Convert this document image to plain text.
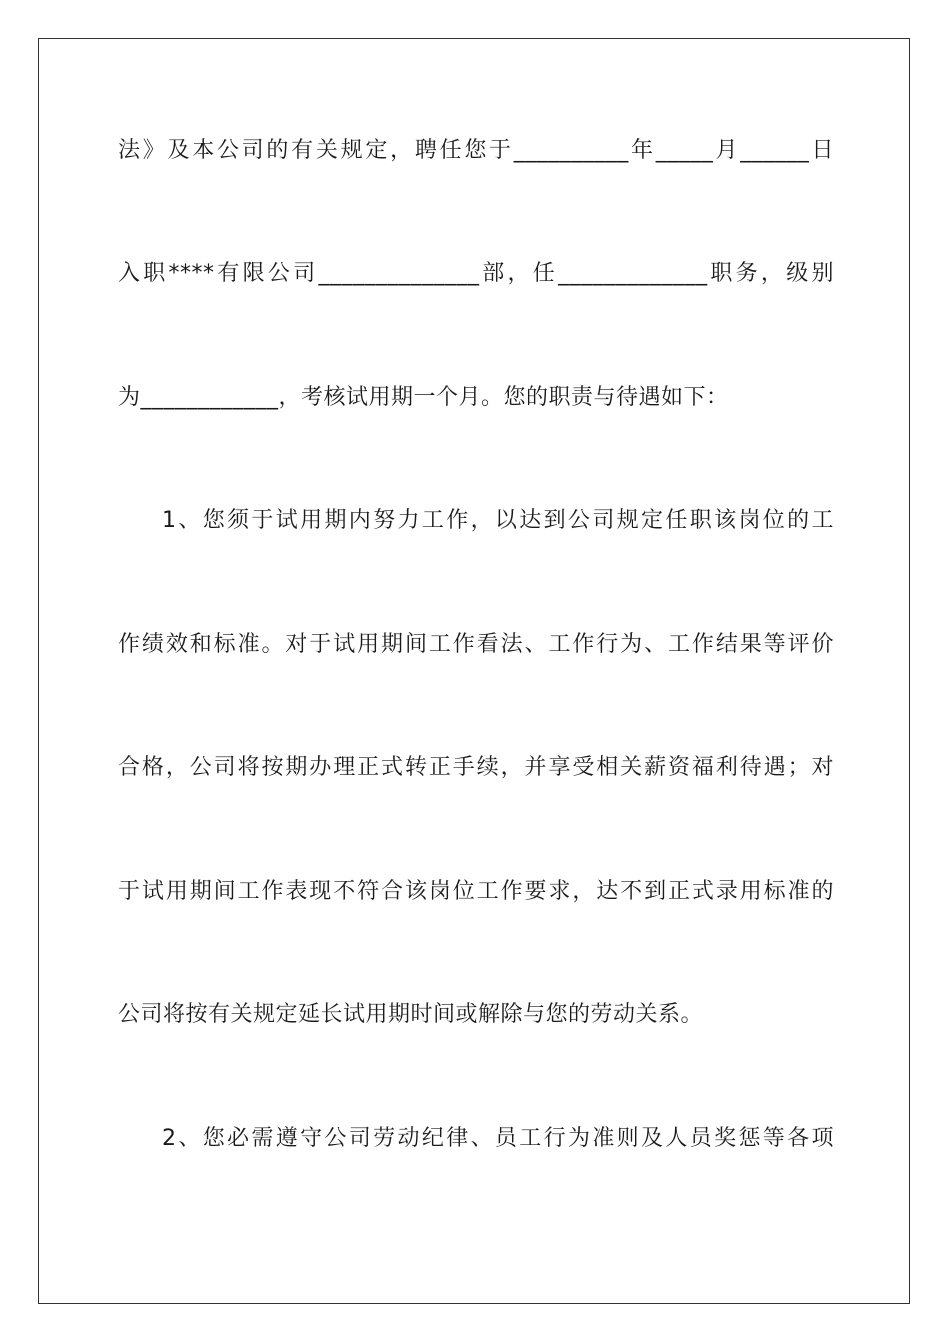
法》及本公司的有关规定，聘任您于__________年_____月______日
入职****有限公司______________部，任_____________职务，级别
为____________，考核试用期一个月。您的职责与待遇如下：
1、您须于试用期内努力工作，以达到公司规定任职该岗位的工
作绩效和标准。对于试用期间工作看法、工作行为、工作结果等评价
合格，公司将按期办理正式转正手续，并享受相关薪资福利待遇；对
于试用期间工作表现不符合该岗位工作要求，达不到正式录用标准的
公司将按有关规定延长试用期时间或解除与您的劳动关系。
2、您必需遵守公司劳动纪律、员工行为准则及人员奖惩等各项
